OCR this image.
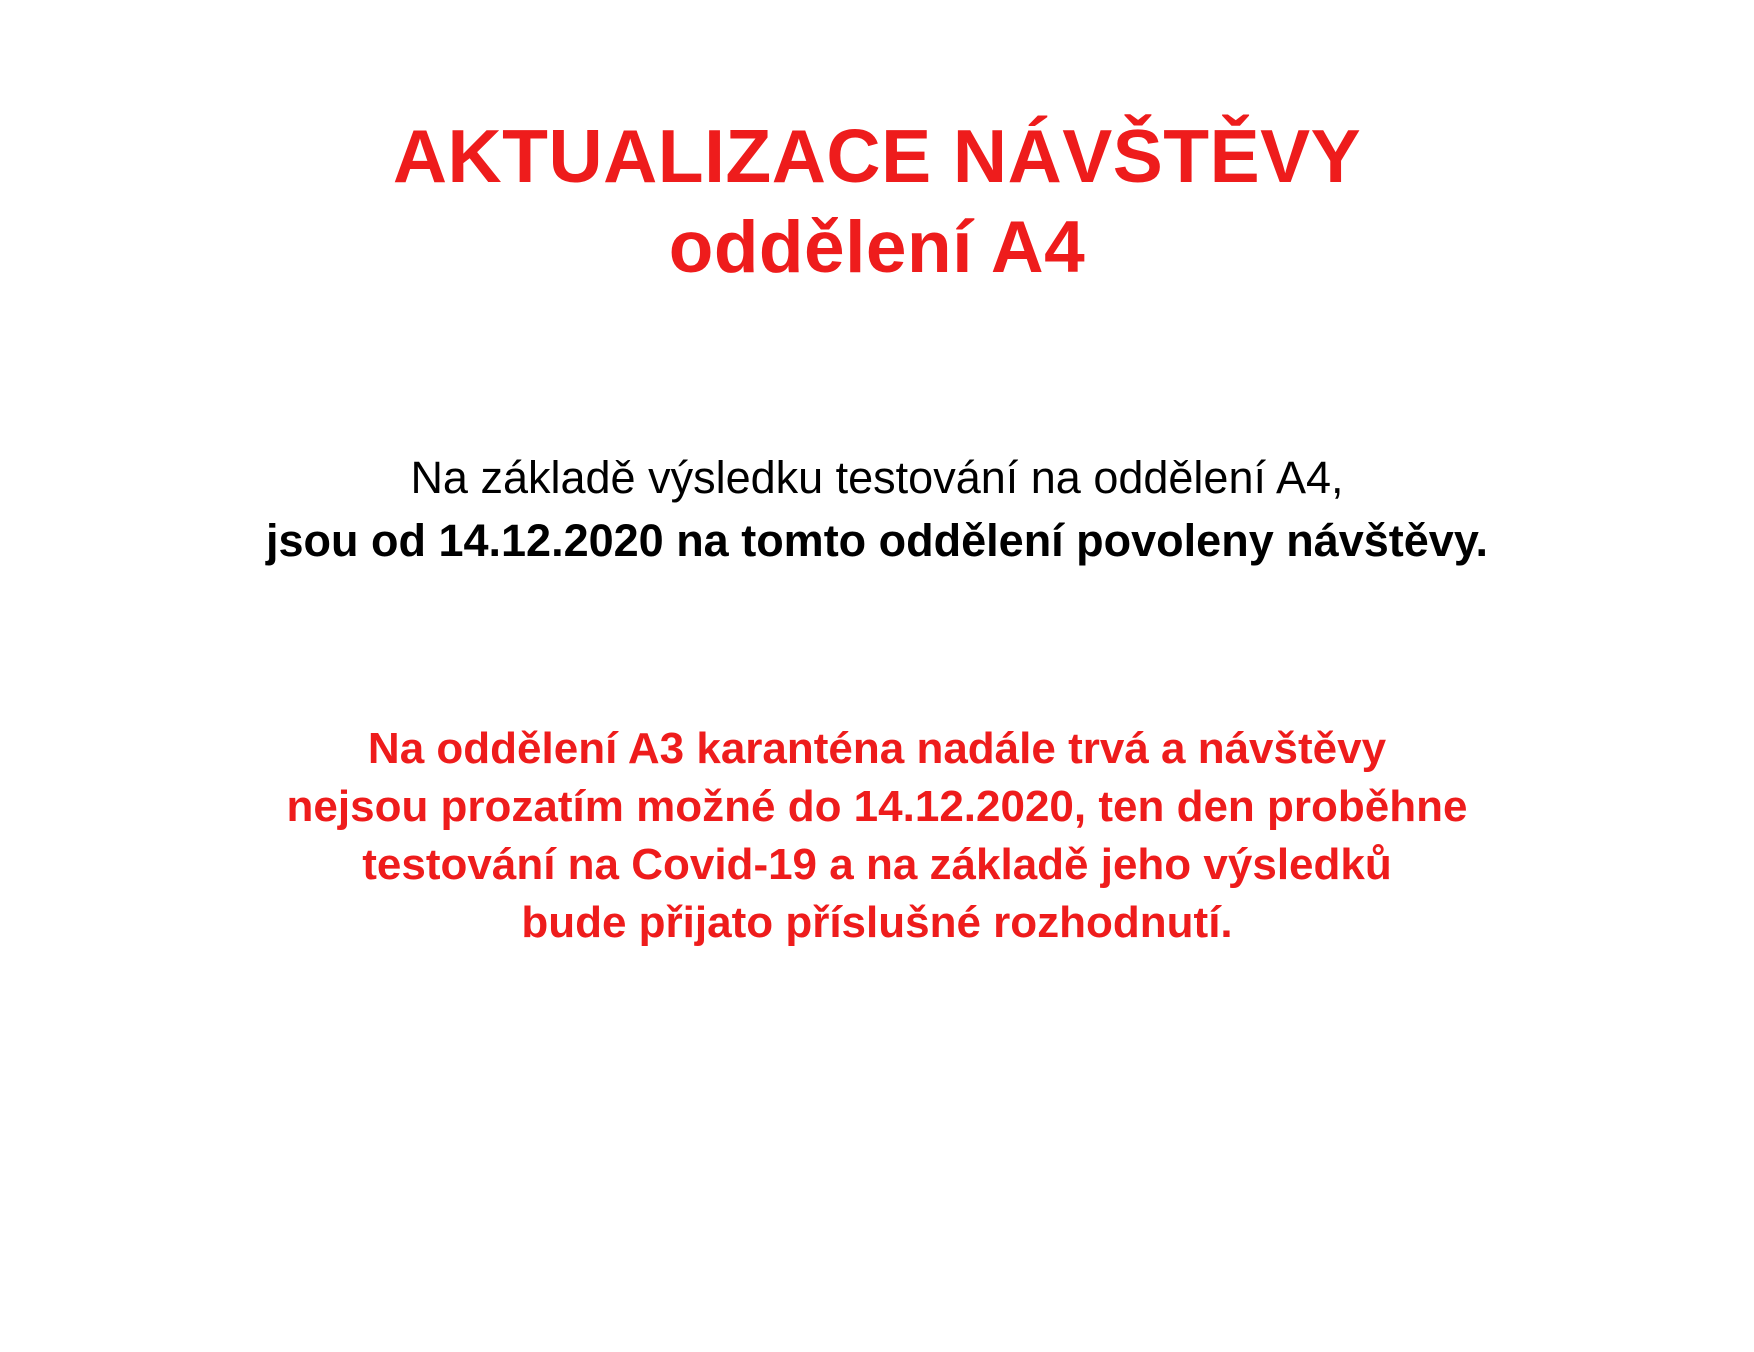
AKTUALIZACE NÁVŠTĚVY
oddělení A4
Na základě výsledku testování na oddělení A4,
jsou od 14.12.2020 na tomto oddělení povoleny návštěvy.
Na oddělení A3 karanténa nadále trvá a návštěvy
nejsou prozatím možné do 14.12.2020, ten den proběhne
testování na Covid-19 a na základě jeho výsledků
bude přijato příslušné rozhodnutí.
